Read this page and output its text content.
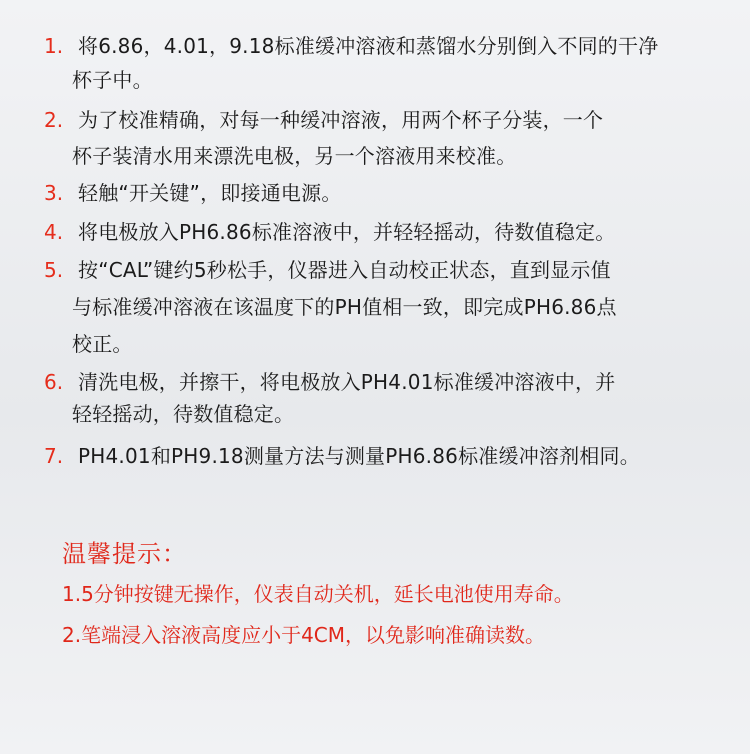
1. 将6.86，4.01，9.18标准缓冲溶液和蒸馏水分别倒入不同的干净
杯子中。
2. 为了校准精确，对每一种缓冲溶液，用两个杯子分装，一个
杯子装清水用来漂洗电极，另一个溶液用来校准。
3. 轻触“开关键”，即接通电源。
4. 将电极放入PH6.86标准溶液中，并轻轻摇动，待数值稳定。
5. 按“CAL”键约5秒松手，仪器进入自动校正状态，直到显示值
与标准缓冲溶液在该温度下的PH值相一致，即完成PH6.86点
校正。
6. 清洗电极，并擦干，将电极放入PH4.01标准缓冲溶液中，并
轻轻摇动，待数值稳定。
7. PH4.01和PH9.18测量方法与测量PH6.86标准缓冲溶剂相同。
温馨提示：
1.5分钟按键无操作，仪表自动关机，延长电池使用寿命。
2.笔端浸入溶液高度应小于4CM，以免影响准确读数。
